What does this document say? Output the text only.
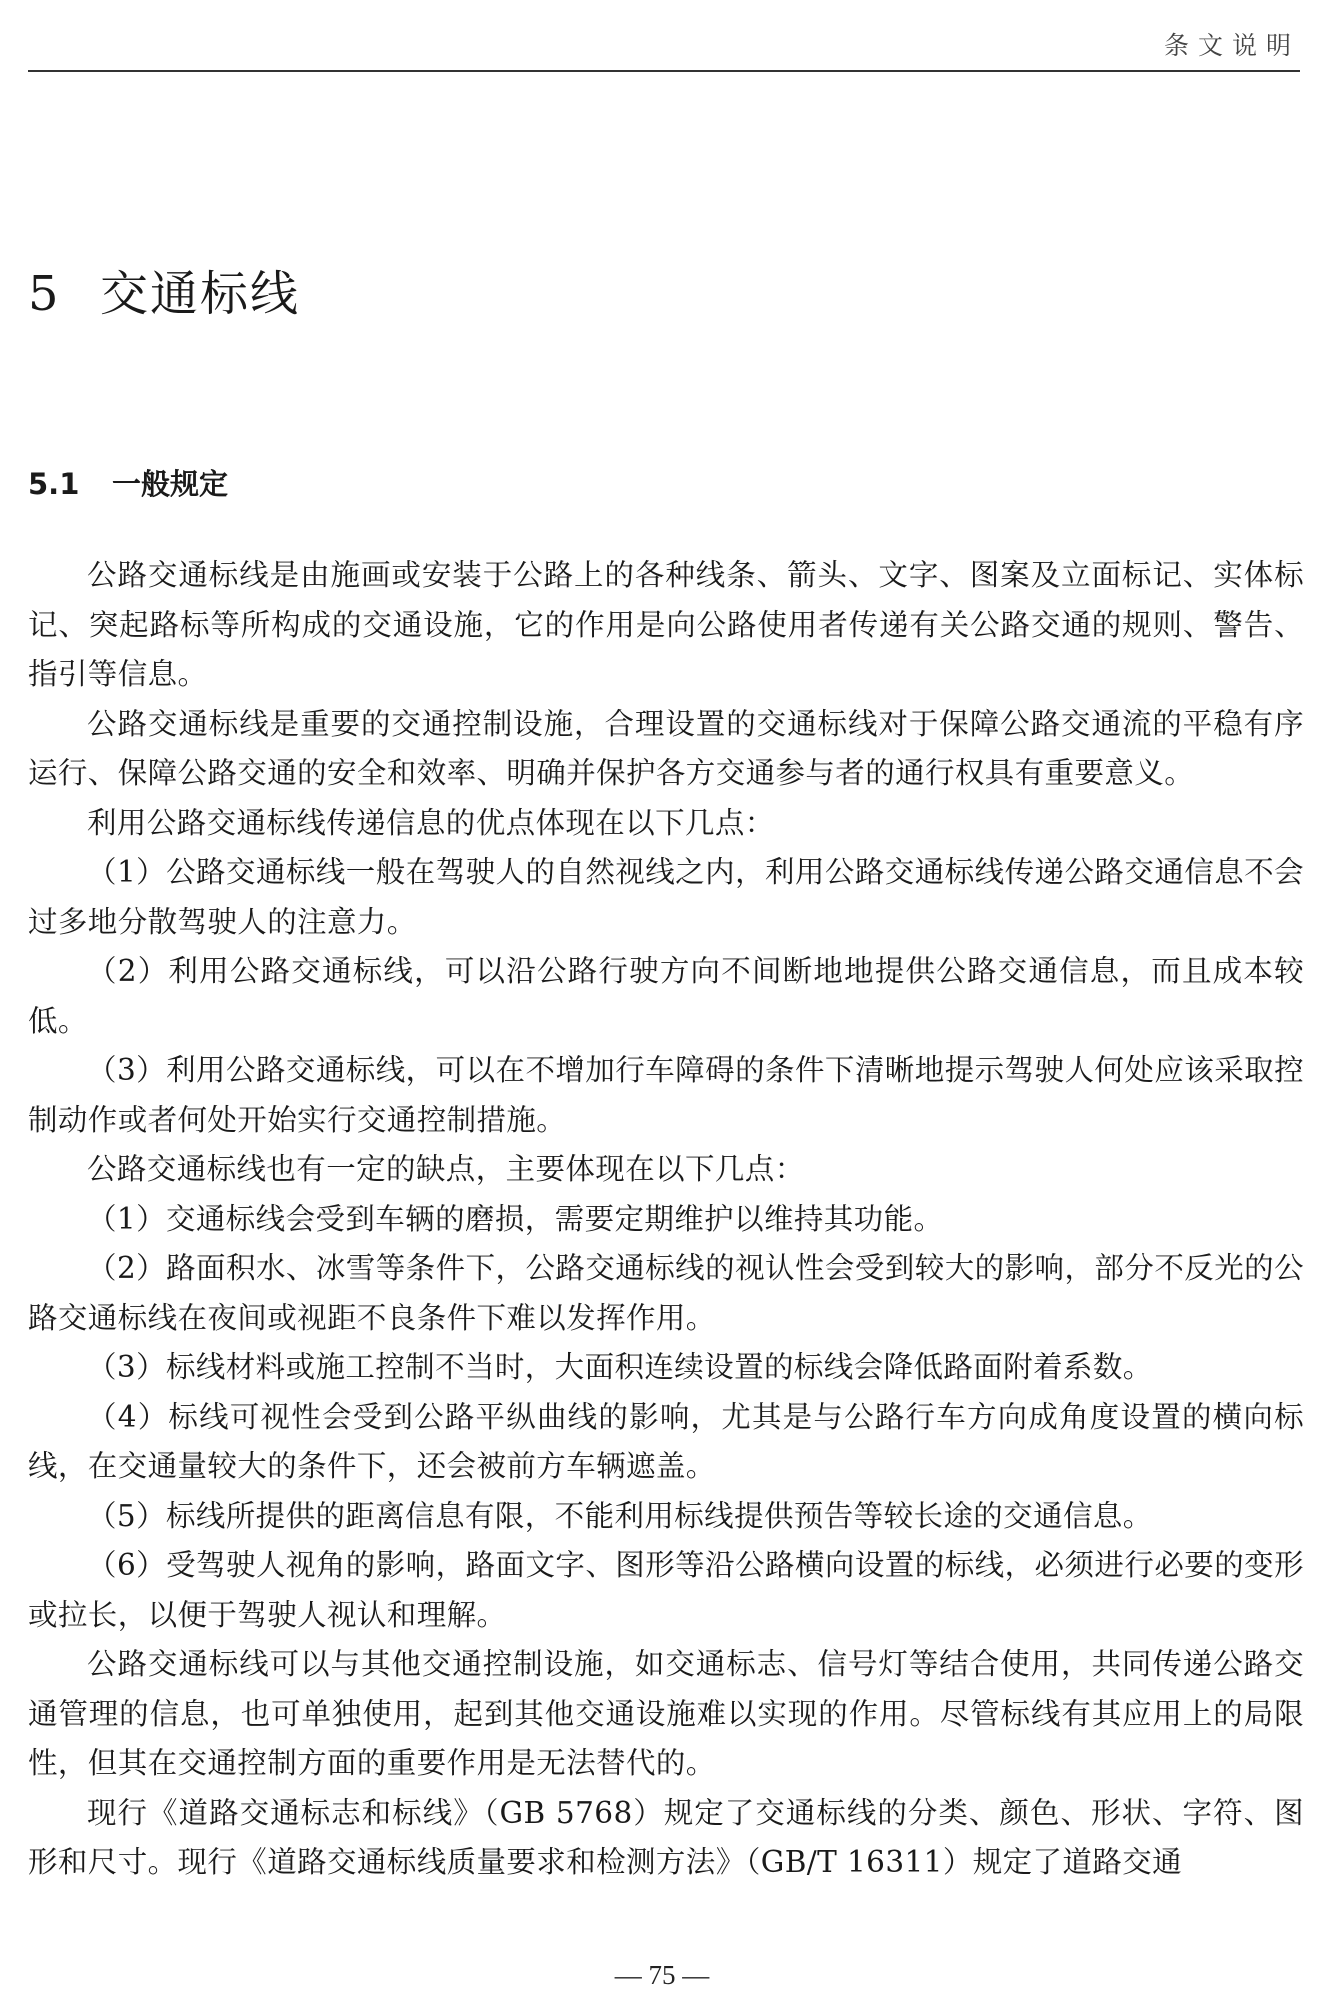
条文说明
5 交通标线
5.1 一般规定

公路交通标线是由施画或安装于公路上的各种线条、箭头、文字、图案及立面标记、实体标记、突起路标等所构成的交通设施，它的作用是向公路使用者传递有关公路交通的规则、警告、指引等信息。

公路交通标线是重要的交通控制设施，合理设置的交通标线对于保障公路交通流的平稳有序运行、保障公路交通的安全和效率、明确并保护各方交通参与者的通行权具有重要意义。

利用公路交通标线传递信息的优点体现在以下几点：

（1）公路交通标线一般在驾驶人的自然视线之内，利用公路交通标线传递公路交通信息不会过多地分散驾驶人的注意力。

（2）利用公路交通标线，可以沿公路行驶方向不间断地地提供公路交通信息，而且成本较低。

（3）利用公路交通标线，可以在不增加行车障碍的条件下清晰地提示驾驶人何处应该采取控制动作或者何处开始实行交通控制措施。

公路交通标线也有一定的缺点，主要体现在以下几点：

（1）交通标线会受到车辆的磨损，需要定期维护以维持其功能。

（2）路面积水、冰雪等条件下，公路交通标线的视认性会受到较大的影响，部分不反光的公路交通标线在夜间或视距不良条件下难以发挥作用。

（3）标线材料或施工控制不当时，大面积连续设置的标线会降低路面附着系数。

（4）标线可视性会受到公路平纵曲线的影响，尤其是与公路行车方向成角度设置的横向标线，在交通量较大的条件下，还会被前方车辆遮盖。

（5）标线所提供的距离信息有限，不能利用标线提供预告等较长途的交通信息。

（6）受驾驶人视角的影响，路面文字、图形等沿公路横向设置的标线，必须进行必要的变形或拉长，以便于驾驶人视认和理解。

公路交通标线可以与其他交通控制设施，如交通标志、信号灯等结合使用，共同传递公路交通管理的信息，也可单独使用，起到其他交通设施难以实现的作用。尽管标线有其应用上的局限性，但其在交通控制方面的重要作用是无法替代的。

现行《道路交通标志和标线》（GB 5768）规定了交通标线的分类、颜色、形状、字符、图形和尺寸。现行《道路交通标线质量要求和检测方法》（GB/T 16311）规定了道路交通

— 75 —
